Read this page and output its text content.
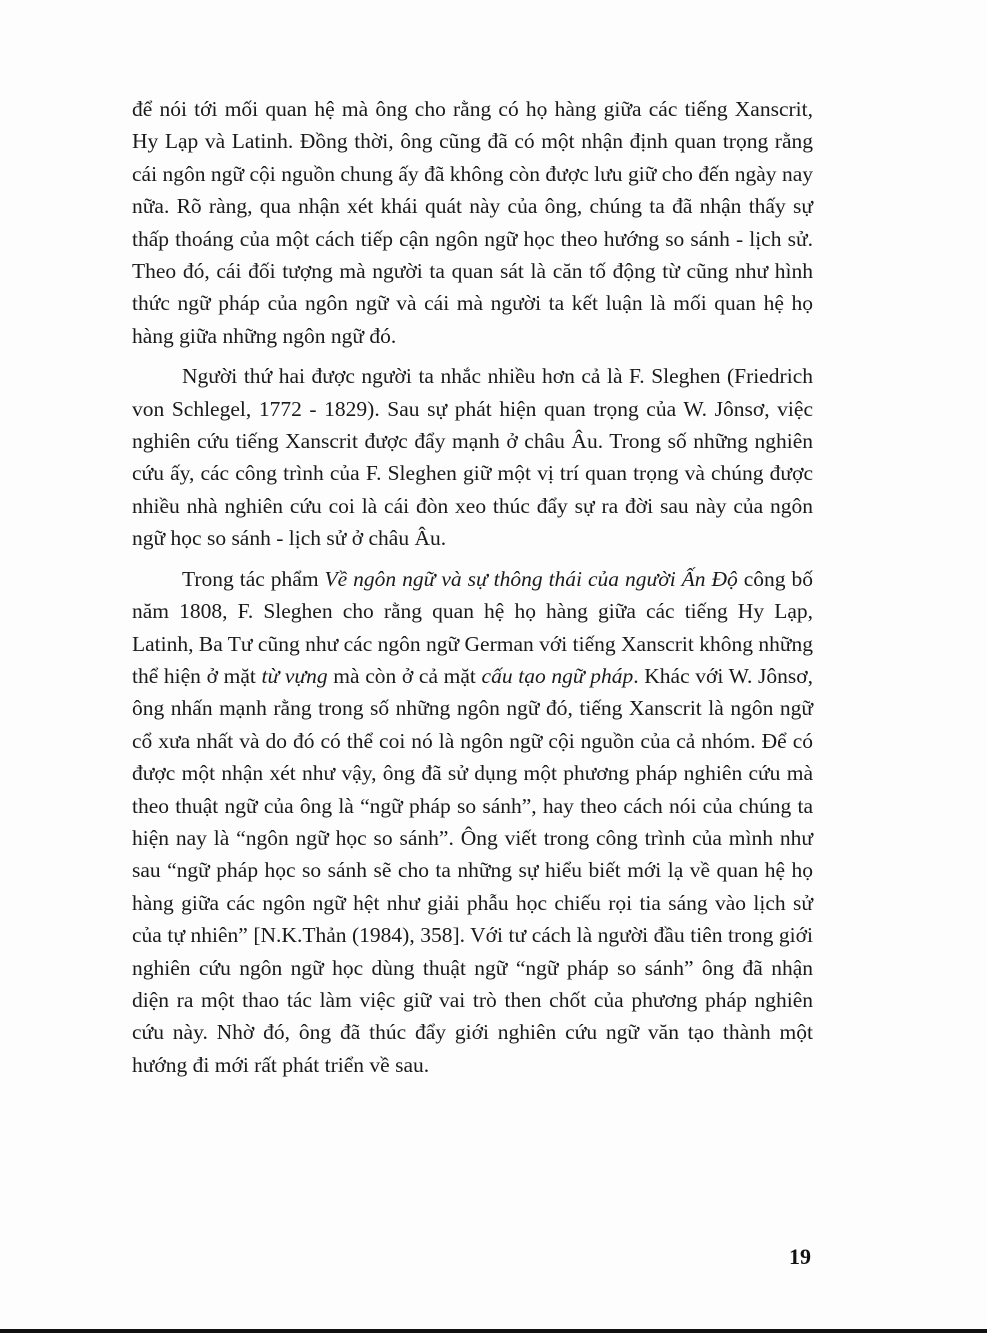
để nói tới mối quan hệ mà ông cho rằng có họ hàng giữa các tiếng Xanscrit, Hy Lạp và Latinh. Đồng thời, ông cũng đã có một nhận định quan trọng rằng cái ngôn ngữ cội nguồn chung ấy đã không còn được lưu giữ cho đến ngày nay nữa. Rõ ràng, qua nhận xét khái quát này của ông, chúng ta đã nhận thấy sự thấp thoáng của một cách tiếp cận ngôn ngữ học theo hướng so sánh - lịch sử. Theo đó, cái đối tượng mà người ta quan sát là căn tố động từ cũng như hình thức ngữ pháp của ngôn ngữ và cái mà người ta kết luận là mối quan hệ họ hàng giữa những ngôn ngữ đó.

Người thứ hai được người ta nhắc nhiều hơn cả là F. Sleghen (Friedrich von Schlegel, 1772 - 1829). Sau sự phát hiện quan trọng của W. Jônsơ, việc nghiên cứu tiếng Xanscrit được đẩy mạnh ở châu Âu. Trong số những nghiên cứu ấy, các công trình của F. Sleghen giữ một vị trí quan trọng và chúng được nhiều nhà nghiên cứu coi là cái đòn xeo thúc đẩy sự ra đời sau này của ngôn ngữ học so sánh - lịch sử ở châu Âu.

Trong tác phẩm Về ngôn ngữ và sự thông thái của người Ấn Độ công bố năm 1808, F. Sleghen cho rằng quan hệ họ hàng giữa các tiếng Hy Lạp, Latinh, Ba Tư cũng như các ngôn ngữ German với tiếng Xanscrit không những thể hiện ở mặt từ vựng mà còn ở cả mặt cấu tạo ngữ pháp. Khác với W. Jônsơ, ông nhấn mạnh rằng trong số những ngôn ngữ đó, tiếng Xanscrit là ngôn ngữ cổ xưa nhất và do đó có thể coi nó là ngôn ngữ cội nguồn của cả nhóm. Để có được một nhận xét như vậy, ông đã sử dụng một phương pháp nghiên cứu mà theo thuật ngữ của ông là “ngữ pháp so sánh”, hay theo cách nói của chúng ta hiện nay là “ngôn ngữ học so sánh”. Ông viết trong công trình của mình như sau “ngữ pháp học so sánh sẽ cho ta những sự hiểu biết mới lạ về quan hệ họ hàng giữa các ngôn ngữ hệt như giải phẫu học chiếu rọi tia sáng vào lịch sử của tự nhiên” [N.K.Thản (1984), 358]. Với tư cách là người đầu tiên trong giới nghiên cứu ngôn ngữ học dùng thuật ngữ “ngữ pháp so sánh” ông đã nhận diện ra một thao tác làm việc giữ vai trò then chốt của phương pháp nghiên cứu này. Nhờ đó, ông đã thúc đẩy giới nghiên cứu ngữ văn tạo thành một hướng đi mới rất phát triển về sau.

19
